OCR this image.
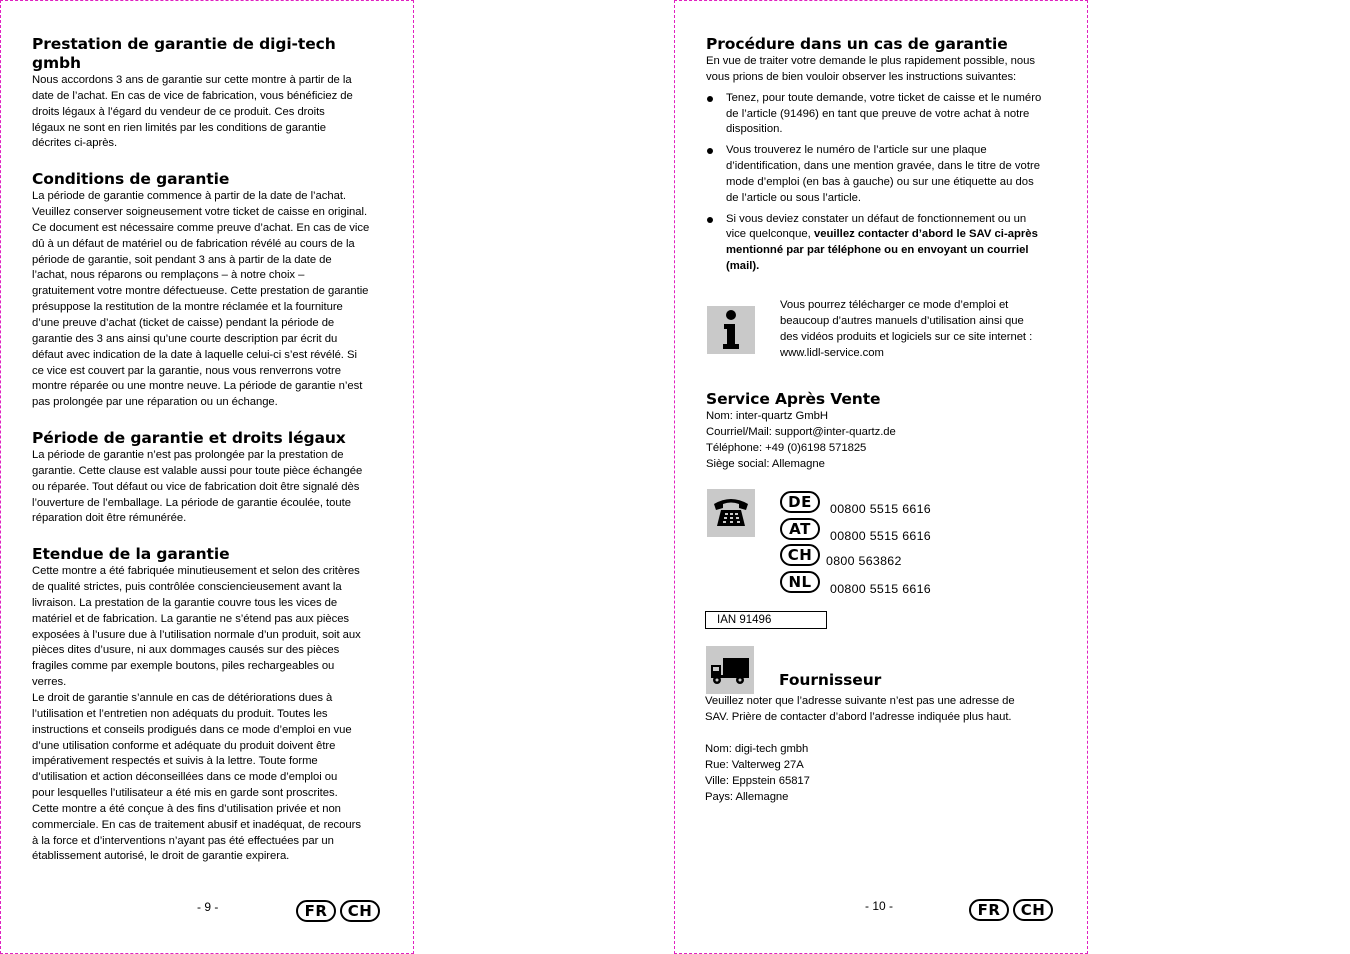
Prestation de garantie de digi-tech gmbh

Nous accordons 3 ans de garantie sur cette montre à partir de la
date de l’achat. En cas de vice de fabrication, vous bénéficiez de
droits légaux à l’égard du vendeur de ce produit. Ces droits
légaux ne sont en rien limités par les conditions de garantie
décrites ci-après.

Conditions de garantie

La période de garantie commence à partir de la date de l’achat.
Veuillez conserver soigneusement votre ticket de caisse en original.
Ce document est nécessaire comme preuve d’achat. En cas de vice
dû à un défaut de matériel ou de fabrication révélé au cours de la
période de garantie, soit pendant 3 ans à partir de la date de
l’achat, nous réparons ou remplaçons – à notre choix –
gratuitement votre montre défectueuse. Cette prestation de garantie
présuppose la restitution de la montre réclamée et la fourniture
d’une preuve d’achat (ticket de caisse) pendant la période de
garantie des 3 ans ainsi qu’une courte description par écrit du
défaut avec indication de la date à laquelle celui-ci s’est révélé. Si
ce vice est couvert par la garantie, nous vous renverrons votre
montre réparée ou une montre neuve. La période de garantie n’est
pas prolongée par une réparation ou un échange.

Période de garantie et droits légaux

La période de garantie n’est pas prolongée par la prestation de
garantie. Cette clause est valable aussi pour toute pièce échangée
ou réparée. Tout défaut ou vice de fabrication doit être signalé dès
l’ouverture de l’emballage. La période de garantie écoulée, toute
réparation doit être rémunérée.

Etendue de la garantie

Cette montre a été fabriquée minutieusement et selon des critères
de qualité strictes, puis contrôlée consciencieusement avant la
livraison. La prestation de la garantie couvre tous les vices de
matériel et de fabrication. La garantie ne s’étend pas aux pièces
exposées à l’usure due à l’utilisation normale d’un produit, soit aux
pièces dites d’usure, ni aux dommages causés sur des pièces
fragiles comme par exemple boutons, piles rechargeables ou
verres.
Le droit de garantie s’annule en cas de détériorations dues à
l’utilisation et l’entretien non adéquats du produit. Toutes les
instructions et conseils prodigués dans ce mode d’emploi en vue
d’une utilisation conforme et adéquate du produit doivent être
impérativement respectés et suivis à la lettre. Toute forme
d’utilisation et action déconseillées dans ce mode d’emploi ou
pour lesquelles l’utilisateur a été mis en garde sont proscrites.
Cette montre a été conçue à des fins d’utilisation privée et non
commerciale. En cas de traitement abusif et inadéquat, de recours
à la force et d’interventions n’ayant pas été effectuées par un
établissement autorisé, le droit de garantie expirera.

- 9 -	FR	CH
Procédure dans un cas de garantie

En vue de traiter votre demande le plus rapidement possible, nous
vous prions de bien vouloir observer les instructions suivantes:

Tenez, pour toute demande, votre ticket de caisse et le numéro
de l’article (91496) en tant que preuve de votre achat à notre
disposition.
Vous trouverez le numéro de l’article sur une plaque
d’identification, dans une mention gravée, dans le titre de votre
mode d’emploi (en bas à gauche) ou sur une étiquette au dos
de l’article ou sous l’article.
Si vous deviez constater un défaut de fonctionnement ou un
vice quelconque, veuillez contacter d’abord le SAV ci-après
mentionné par par téléphone ou en envoyant un courriel
(mail).

Vous pourrez télécharger ce mode d’emploi et
beaucoup d’autres manuels d’utilisation ainsi que
des vidéos produits et logiciels sur ce site internet :
www.lidl-service.com

Service Après Vente

Nom: inter-quartz GmbH
Courriel/Mail: support@inter-quartz.de
Téléphone: +49 (0)6198 571825
Siège social: Allemagne

DE	00800 5515 6616
AT	00800 5515 6616
CH	0800 563862
NL	00800 5515 6616
IAN 91496
Fournisseur

Veuillez noter que l’adresse suivante n’est pas une adresse de
SAV. Prière de contacter d’abord l’adresse indiquée plus haut.

Nom: digi-tech gmbh
Rue: Valterweg 27A
Ville: Eppstein 65817
Pays: Allemagne

- 10 -	FR	CH
